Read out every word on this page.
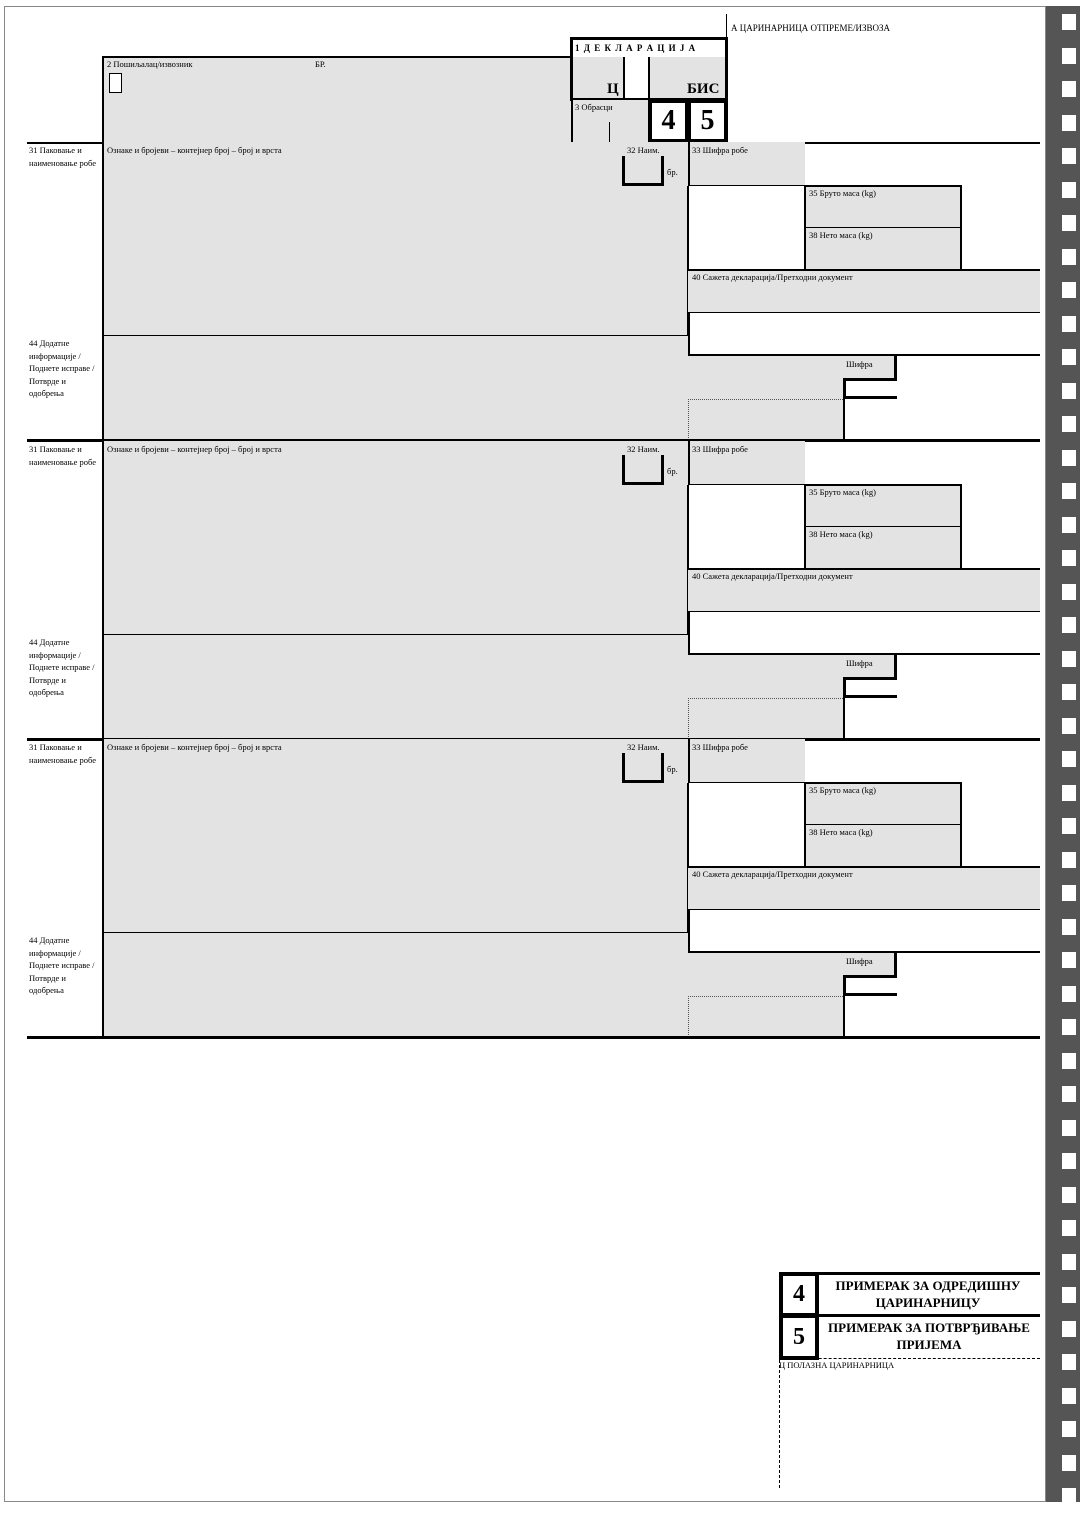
А ЦАРИНАРНИЦА ОТПРЕМЕ/ИЗВОЗА
2 Пошиљалац/извозник	БР.
1 Д Е К Л А Р А Ц И Ј А
Ц	БИС
3 Обрасци	4 5
Ознаке и бројеви – контејнер број – број и врста
31 Паковање и наименовање робе
32 Наим.
бр.
33 Шифра робе
35 Бруто маса (kg)
38 Нето маса (kg)
40 Сажета декларација/Претходни документ
44 Додатне информације / Поднете исправе / Потврде и одобрења
Шифра
Ознаке и бројеви – контејнер број – број и врста
31 Паковање и наименовање робе
32 Наим.
бр.
33 Шифра робе
35 Бруто маса (kg)
38 Нето маса (kg)
40 Сажета декларација/Претходни документ
44 Додатне информације / Поднете исправе / Потврде и одобрења
Шифра
Ознаке и бројеви – контејнер број – број и врста
31 Паковање и наименовање робе
32 Наим.
бр.
33 Шифра робе
35 Бруто маса (kg)
38 Нето маса (kg)
40 Сажета декларација/Претходни документ
44 Додатне информације / Поднете исправе / Потврде и одобрења
Шифра
4	ПРИМЕРАК ЗА ОДРЕДИШНУ ЦАРИНАРНИЦУ
5	ПРИМЕРАК ЗА ПОТВРЂИВАЊЕ ПРИЈЕМА
Ц ПОЛАЗНА ЦАРИНАРНИЦА
